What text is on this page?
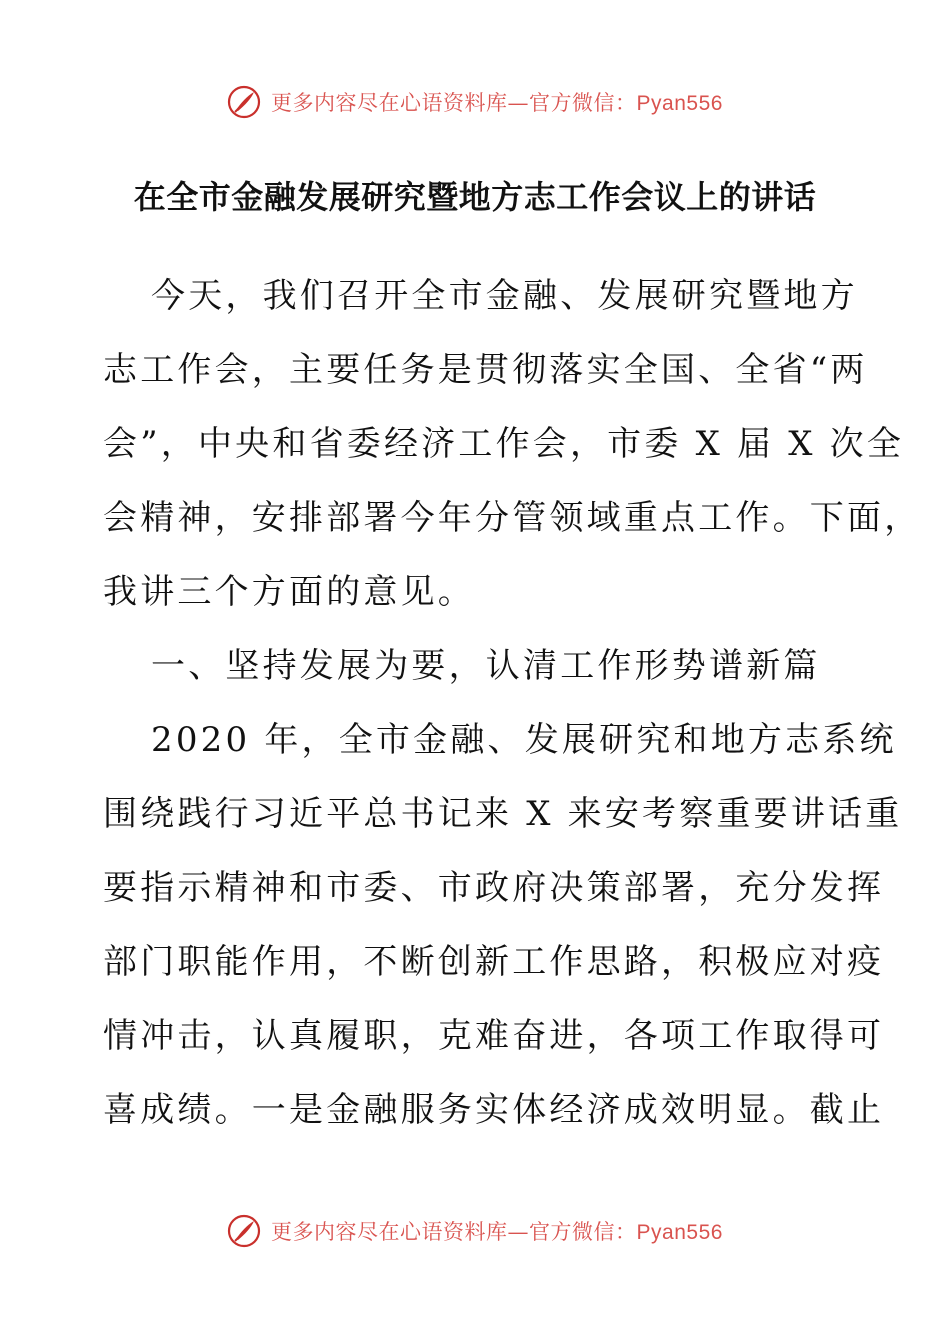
更多内容尽在心语资料库—官方微信：Pyan556
在全市金融发展研究暨地方志工作会议上的讲话
今天，我们召开全市金融、发展研究暨地方
志工作会，主要任务是贯彻落实全国、全省“两
会”，中央和省委经济工作会，市委 X 届 X 次全
会精神，安排部署今年分管领域重点工作。下面，
我讲三个方面的意见。
一、坚持发展为要，认清工作形势谱新篇
2020 年，全市金融、发展研究和地方志系统
围绕践行习近平总书记来 X 来安考察重要讲话重
要指示精神和市委、市政府决策部署，充分发挥
部门职能作用，不断创新工作思路，积极应对疫
情冲击，认真履职，克难奋进，各项工作取得可
喜成绩。一是金融服务实体经济成效明显。截止
更多内容尽在心语资料库—官方微信：Pyan556
